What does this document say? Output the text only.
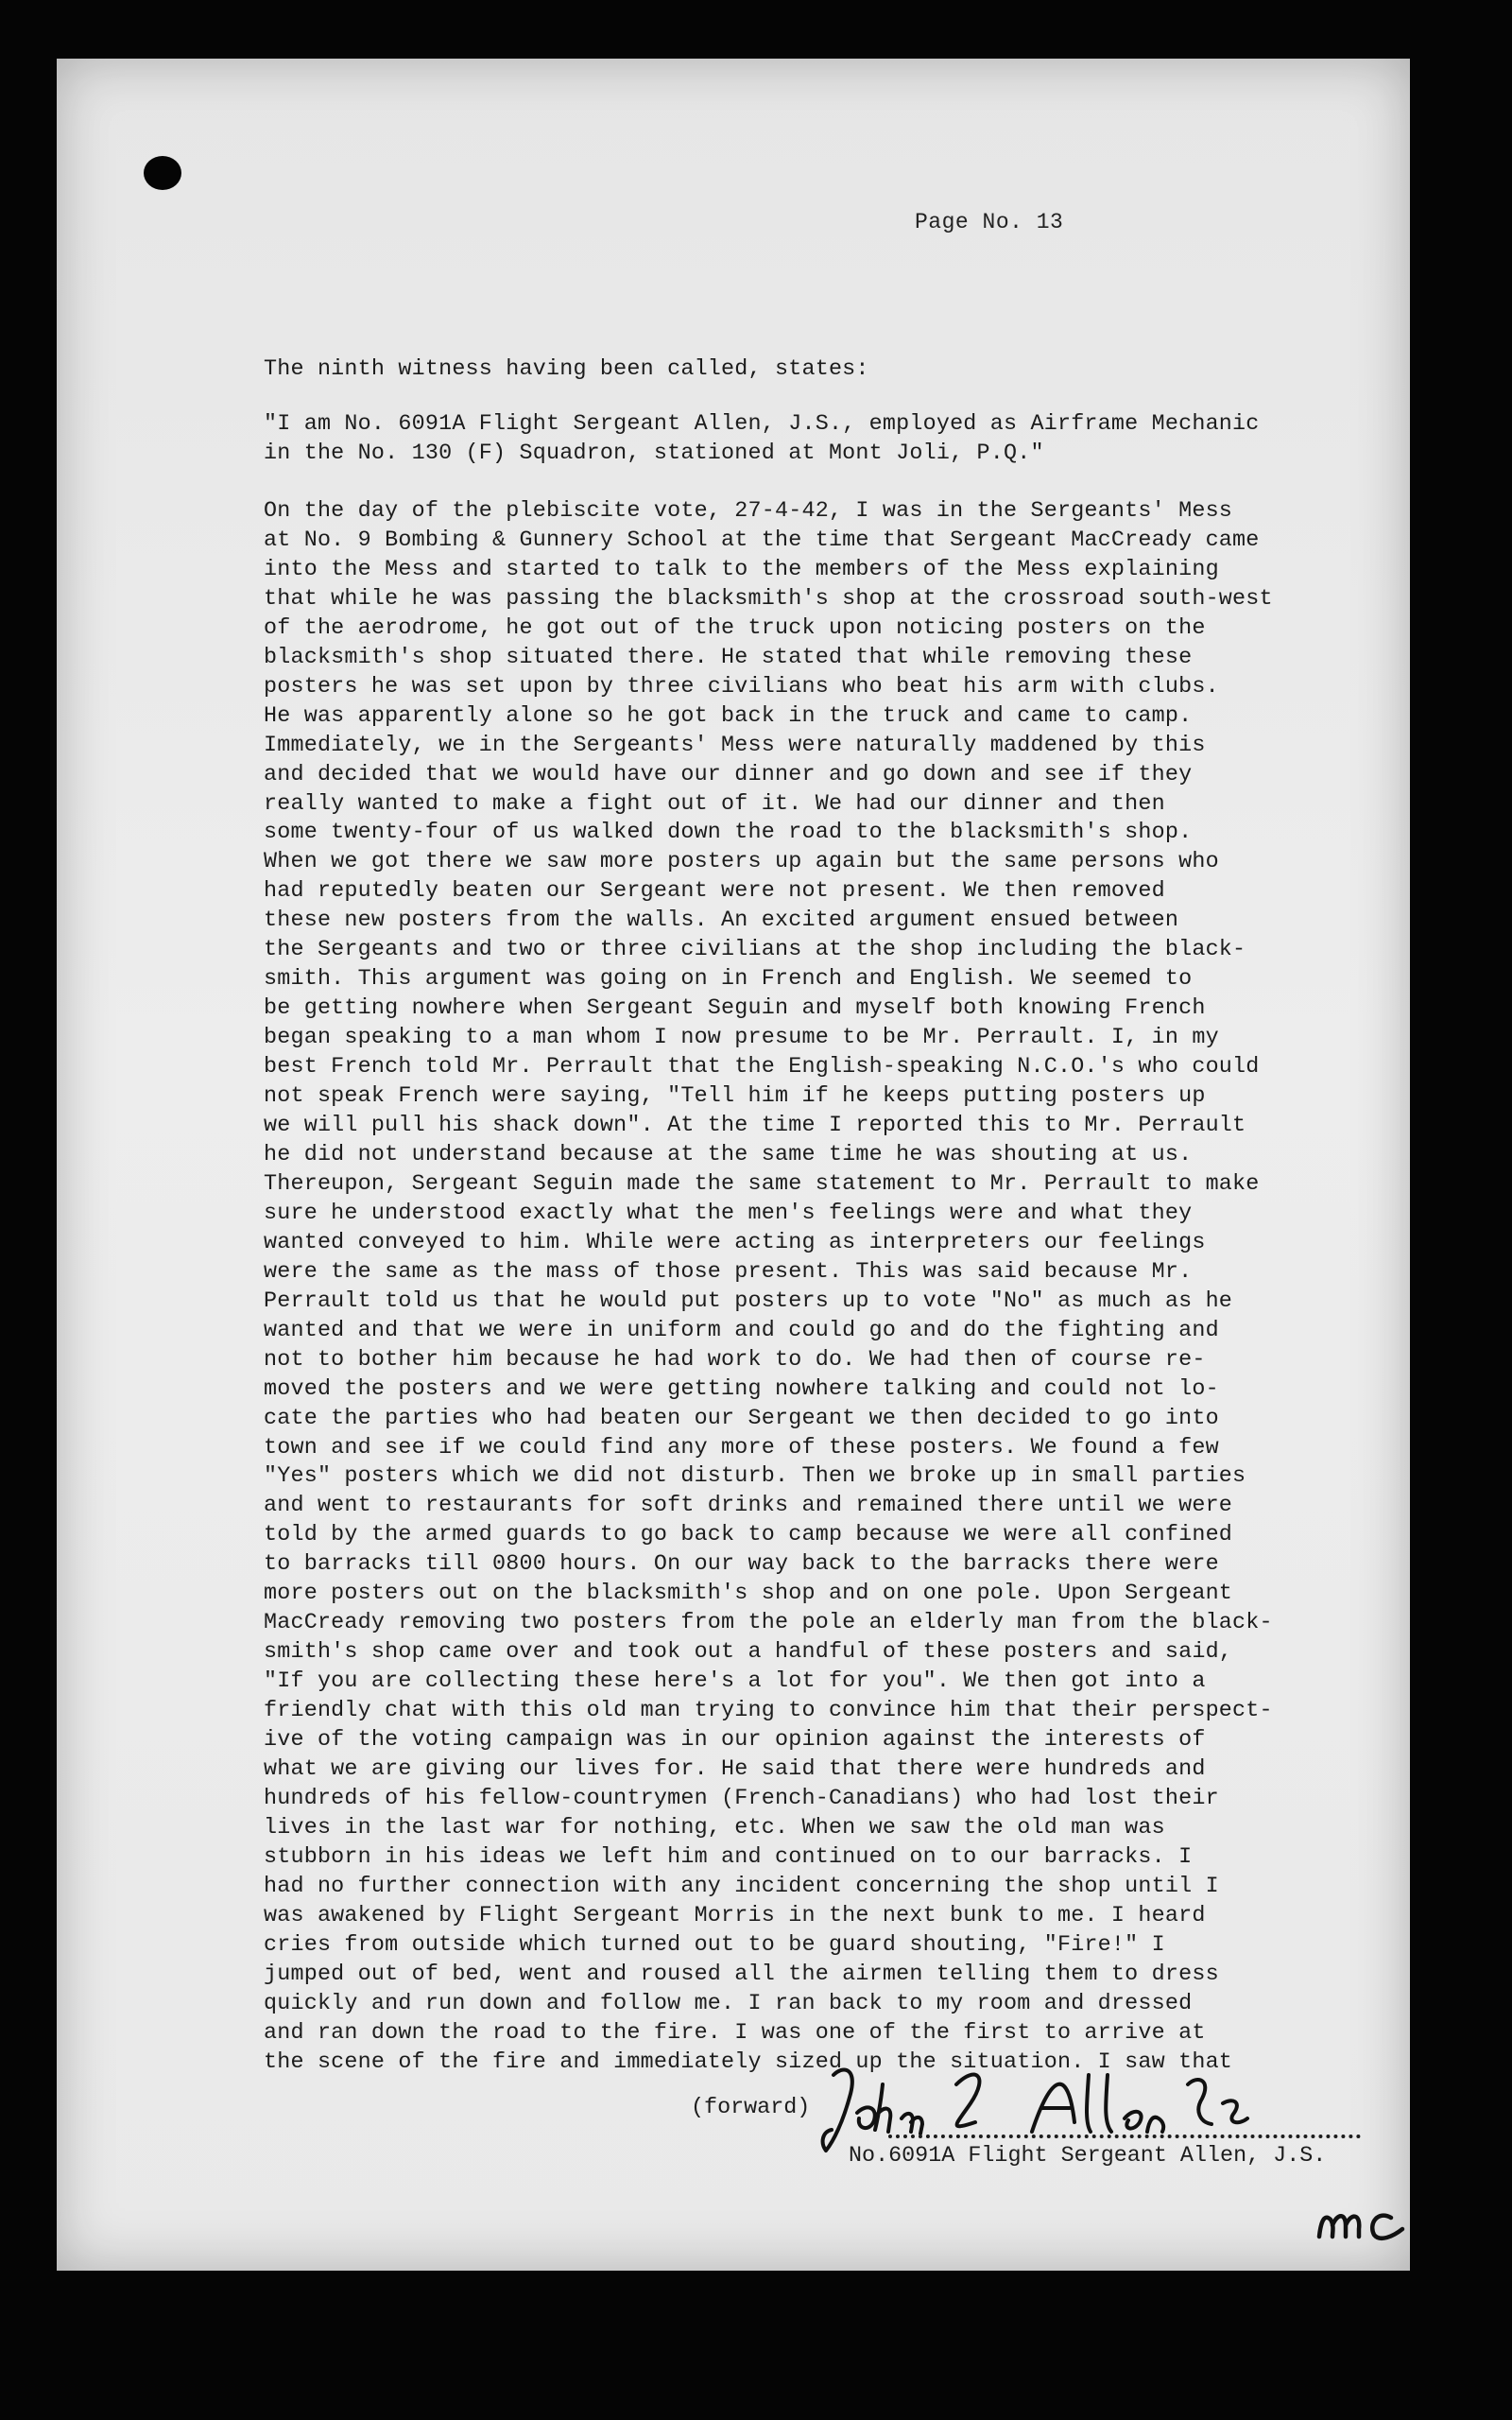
Page No. 13
The ninth witness having been called, states:
"I am No. 6091A Flight Sergeant Allen, J.S., employed as Airframe Mechanic
in the No. 130 (F) Squadron, stationed at Mont Joli, P.Q."
On the day of the plebiscite vote, 27-4-42, I was in the Sergeants' Mess
at No. 9 Bombing & Gunnery School at the time that Sergeant MacCready came
into the Mess and started to talk to the members of the Mess explaining
that while he was passing the blacksmith's shop at the crossroad south-west
of the aerodrome, he got out of the truck upon noticing posters on the
blacksmith's shop situated there. He stated that while removing these
posters he was set upon by three civilians who beat his arm with clubs.
He was apparently alone so he got back in the truck and came to camp.
Immediately, we in the Sergeants' Mess were naturally maddened by this
and decided that we would have our dinner and go down and see if they
really wanted to make a fight out of it. We had our dinner and then
some twenty-four of us walked down the road to the blacksmith's shop.
When we got there we saw more posters up again but the same persons who
had reputedly beaten our Sergeant were not present. We then removed
these new posters from the walls. An excited argument ensued between
the Sergeants and two or three civilians at the shop including the black-
smith. This argument was going on in French and English. We seemed to
be getting nowhere when Sergeant Seguin and myself both knowing French
began speaking to a man whom I now presume to be Mr. Perrault. I, in my
best French told Mr. Perrault that the English-speaking N.C.O.'s who could
not speak French were saying, "Tell him if he keeps putting posters up
we will pull his shack down". At the time I reported this to Mr. Perrault
he did not understand because at the same time he was shouting at us.
Thereupon, Sergeant Seguin made the same statement to Mr. Perrault to make
sure he understood exactly what the men's feelings were and what they
wanted conveyed to him. While were acting as interpreters our feelings
were the same as the mass of those present. This was said because Mr.
Perrault told us that he would put posters up to vote "No" as much as he
wanted and that we were in uniform and could go and do the fighting and
not to bother him because he had work to do. We had then of course re-
moved the posters and we were getting nowhere talking and could not lo-
cate the parties who had beaten our Sergeant we then decided to go into
town and see if we could find any more of these posters. We found a few
"Yes" posters which we did not disturb. Then we broke up in small parties
and went to restaurants for soft drinks and remained there until we were
told by the armed guards to go back to camp because we were all confined
to barracks till 0800 hours. On our way back to the barracks there were
more posters out on the blacksmith's shop and on one pole. Upon Sergeant
MacCready removing two posters from the pole an elderly man from the black-
smith's shop came over and took out a handful of these posters and said,
"If you are collecting these here's a lot for you". We then got into a
friendly chat with this old man trying to convince him that their perspect-
ive of the voting campaign was in our opinion against the interests of
what we are giving our lives for. He said that there were hundreds and
hundreds of his fellow-countrymen (French-Canadians) who had lost their
lives in the last war for nothing, etc. When we saw the old man was
stubborn in his ideas we left him and continued on to our barracks. I
had no further connection with any incident concerning the shop until I
was awakened by Flight Sergeant Morris in the next bunk to me. I heard
cries from outside which turned out to be guard shouting, "Fire!" I
jumped out of bed, went and roused all the airmen telling them to dress
quickly and run down and follow me. I ran back to my room and dressed
and ran down the road to the fire. I was one of the first to arrive at
the scene of the fire and immediately sized up the situation. I saw that
(forward)
No.6091A Flight Sergeant Allen, J.S.
